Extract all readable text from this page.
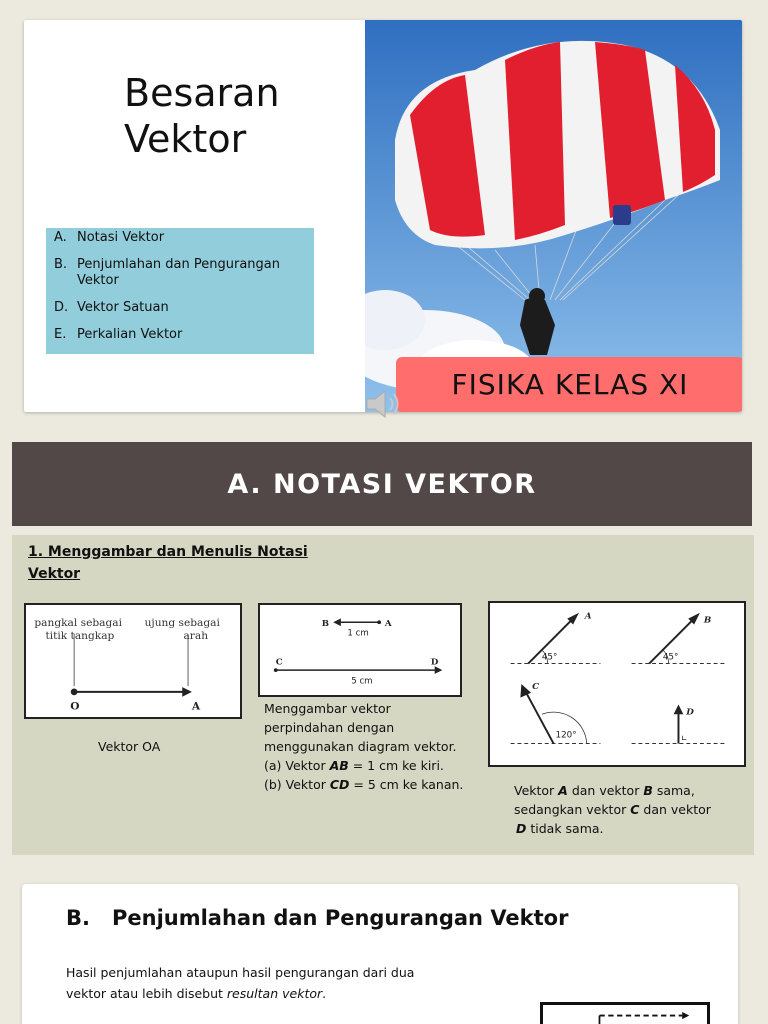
Besaran
Vektor
A. Notasi Vektor
B. Penjumlahan dan Pengurangan Vektor
D. Vektor Satuan
E. Perkalian Vektor
FISIKA KELAS XI
A. NOTASI VEKTOR
1. Menggambar dan Menulis Notasi Vektor
pangkal sebagai titik tangkap
ujung sebagai arah
O	A
Vektor OA
B	A
1 cm
C	D
5 cm
Menggambar vektor
perpindahan dengan
menggunakan diagram vektor.
(a) Vektor AB = 1 cm ke kiri.
(b) Vektor CD = 5 cm ke kanan.
45°
A
45°
B
120°
C
D
Vektor A dan vektor B sama,
sedangkan vektor C dan vektor
D tidak sama.
B. Penjumlahan dan Pengurangan Vektor
Hasil penjumlahan ataupun hasil pengurangan dari dua
vektor atau lebih disebut resultan vektor.
